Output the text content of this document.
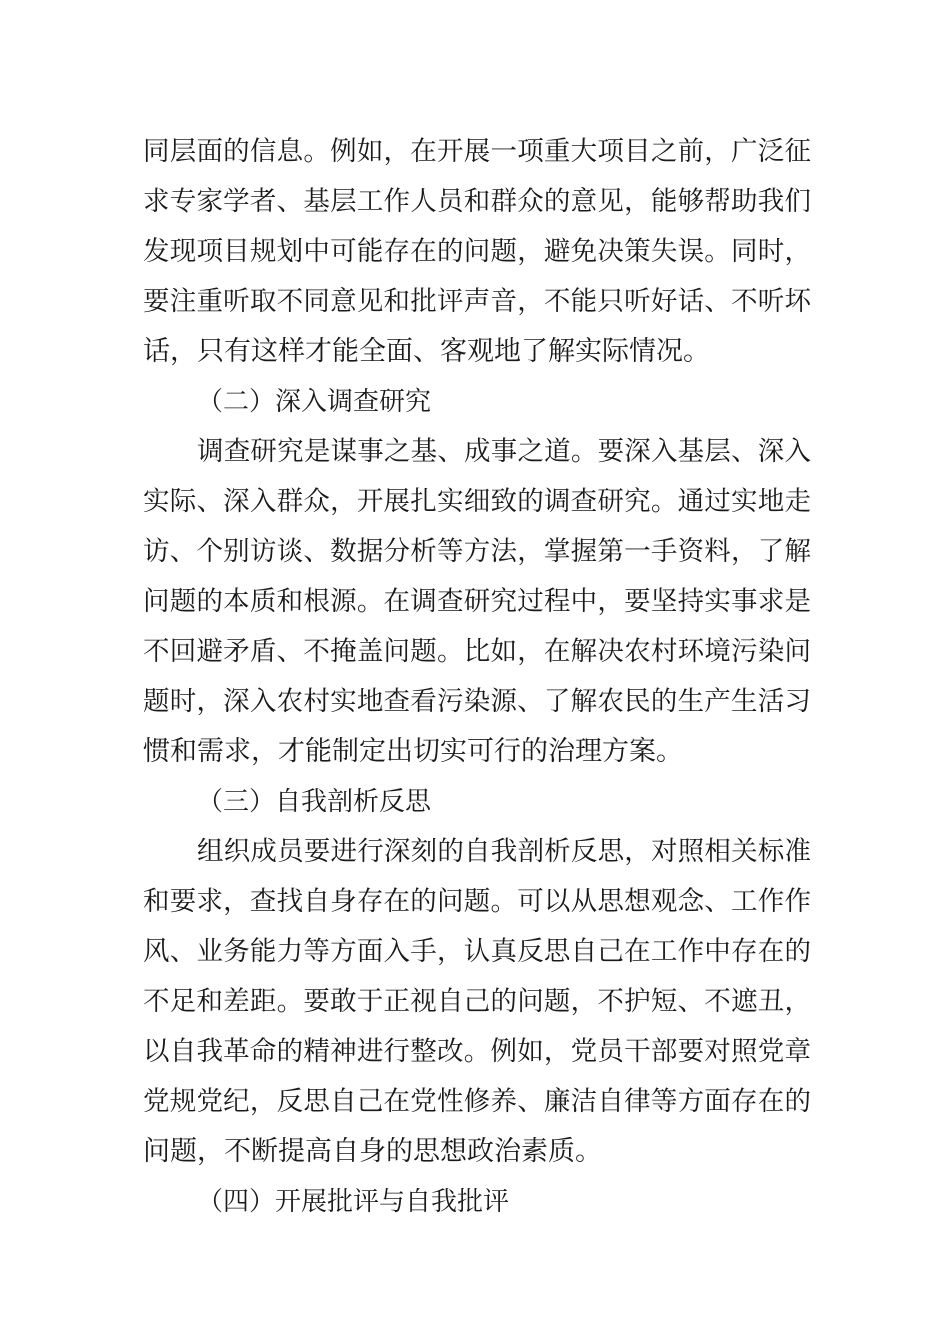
同层面的信息。例如，在开展一项重大项目之前，广泛征
求专家学者、基层工作人员和群众的意见，能够帮助我们
发现项目规划中可能存在的问题，避免决策失误。同时，
要注重听取不同意见和批评声音，不能只听好话、不听坏
话，只有这样才能全面、客观地了解实际情况。
（二）深入调查研究
调查研究是谋事之基、成事之道。要深入基层、深入
实际、深入群众，开展扎实细致的调查研究。通过实地走
访、个别访谈、数据分析等方法，掌握第一手资料，了解
问题的本质和根源。在调查研究过程中，要坚持实事求是
不回避矛盾、不掩盖问题。比如，在解决农村环境污染问
题时，深入农村实地查看污染源、了解农民的生产生活习
惯和需求，才能制定出切实可行的治理方案。
（三）自我剖析反思
组织成员要进行深刻的自我剖析反思，对照相关标准
和要求，查找自身存在的问题。可以从思想观念、工作作
风、业务能力等方面入手，认真反思自己在工作中存在的
不足和差距。要敢于正视自己的问题，不护短、不遮丑，
以自我革命的精神进行整改。例如，党员干部要对照党章
党规党纪，反思自己在党性修养、廉洁自律等方面存在的
问题，不断提高自身的思想政治素质。
（四）开展批评与自我批评
